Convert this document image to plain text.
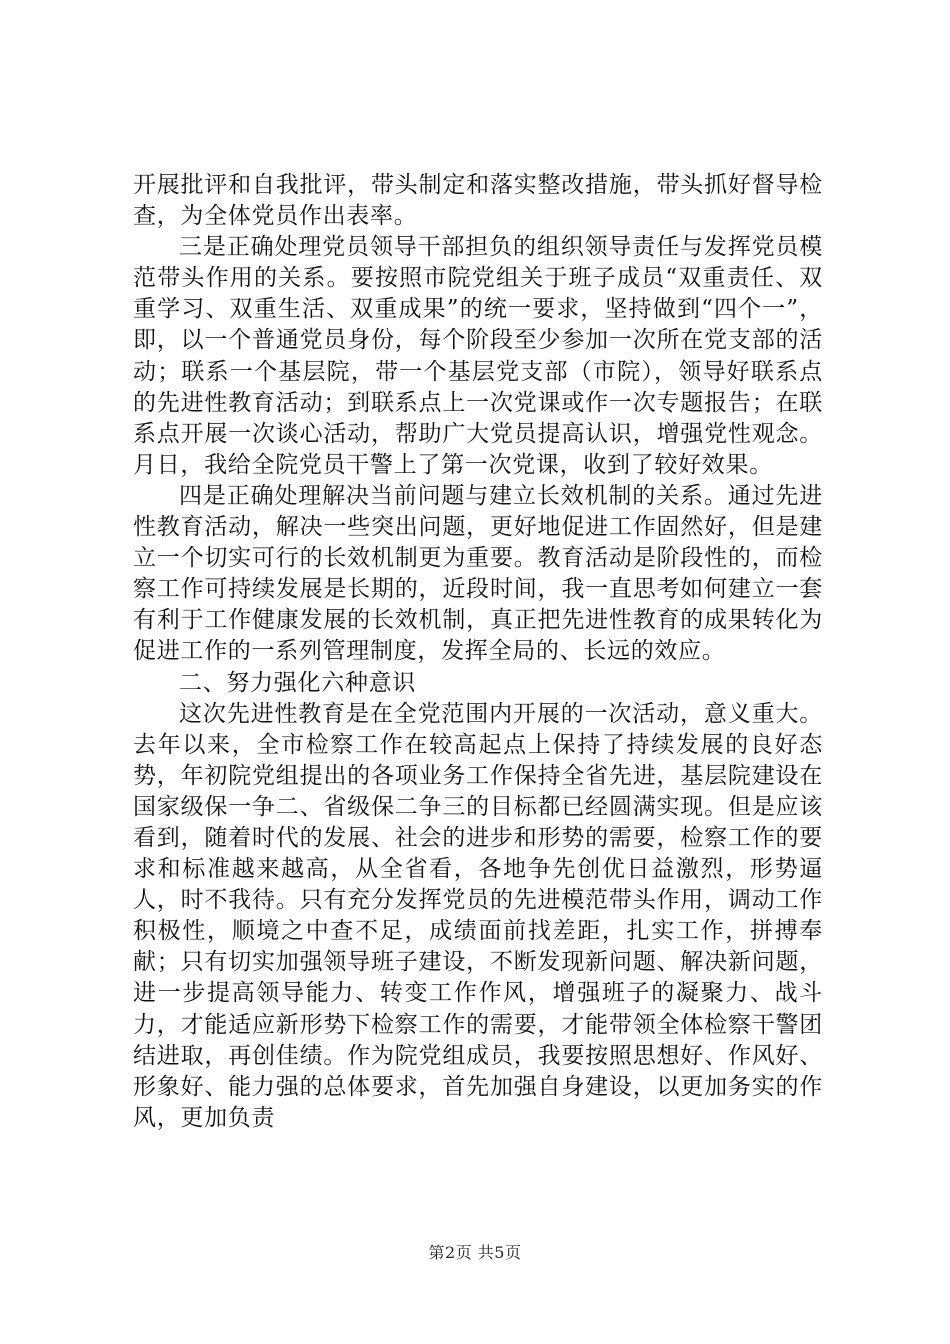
开展批评和自我批评，带头制定和落实整改措施，带头抓好督导检查，为全体党员作出表率。

三是正确处理党员领导干部担负的组织领导责任与发挥党员模范带头作用的关系。要按照市院党组关于班子成员“双重责任、双重学习、双重生活、双重成果”的统一要求，坚持做到“四个一”，即，以一个普通党员身份，每个阶段至少参加一次所在党支部的活动；联系一个基层院，带一个基层党支部（市院），领导好联系点的先进性教育活动；到联系点上一次党课或作一次专题报告；在联系点开展一次谈心活动，帮助广大党员提高认识，增强党性观念。月日，我给全院党员干警上了第一次党课，收到了较好效果。

四是正确处理解决当前问题与建立长效机制的关系。通过先进性教育活动，解决一些突出问题，更好地促进工作固然好，但是建立一个切实可行的长效机制更为重要。教育活动是阶段性的，而检察工作可持续发展是长期的，近段时间，我一直思考如何建立一套有利于工作健康发展的长效机制，真正把先进性教育的成果转化为促进工作的一系列管理制度，发挥全局的、长远的效应。

二、努力强化六种意识

这次先进性教育是在全党范围内开展的一次活动，意义重大。去年以来，全市检察工作在较高起点上保持了持续发展的良好态势，年初院党组提出的各项业务工作保持全省先进，基层院建设在国家级保一争二、省级保二争三的目标都已经圆满实现。但是应该看到，随着时代的发展、社会的进步和形势的需要，检察工作的要求和标准越来越高，从全省看，各地争先创优日益激烈，形势逼人，时不我待。只有充分发挥党员的先进模范带头作用，调动工作积极性，顺境之中查不足，成绩面前找差距，扎实工作，拼搏奉献；只有切实加强领导班子建设，不断发现新问题、解决新问题，进一步提高领导能力、转变工作作风，增强班子的凝聚力、战斗力，才能适应新形势下检察工作的需要，才能带领全体检察干警团结进取，再创佳绩。作为院党组成员，我要按照思想好、作风好、形象好、能力强的总体要求，首先加强自身建设，以更加务实的作风，更加负责

第2页 共5页
